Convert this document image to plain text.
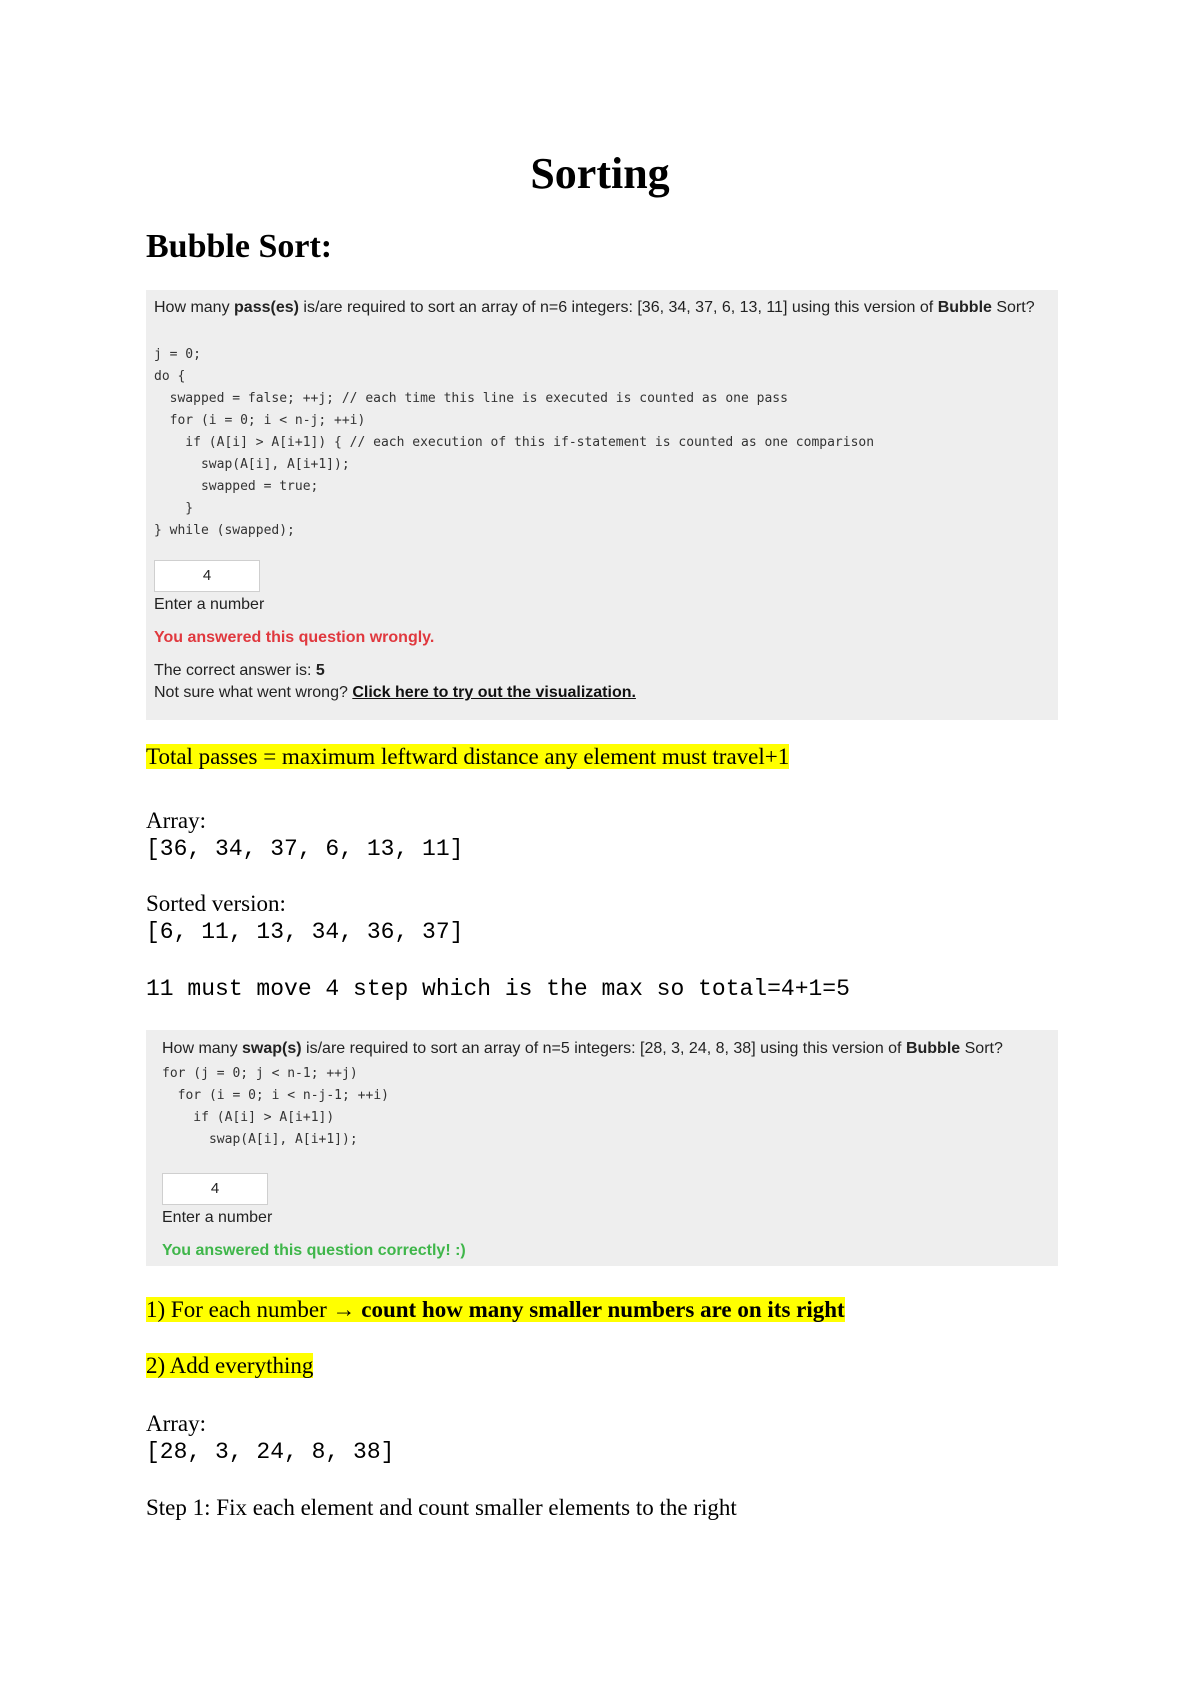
Sorting
Bubble Sort:
How many pass(es) is/are required to sort an array of n=6 integers: [36, 34, 37, 6, 13, 11] using this version of Bubble Sort?
j = 0;
do {
swapped = false; ++j; // each time this line is executed is counted as one pass
for (i = 0; i < n-j; ++i)
if (A[i] > A[i+1]) { // each execution of this if-statement is counted as one comparison
swap(A[i], A[i+1]);
swapped = true;
}
} while (swapped);
4
Enter a number
You answered this question wrongly.
The correct answer is: 5
Not sure what went wrong? Click here to try out the visualization.
Total passes = maximum leftward distance any element must travel+1
Array:
[36, 34, 37, 6, 13, 11]
Sorted version:
[6, 11, 13, 34, 36, 37]
11 must move 4 step which is the max so total=4+1=5
How many swap(s) is/are required to sort an array of n=5 integers: [28, 3, 24, 8, 38] using this version of Bubble Sort?
for (j = 0; j < n-1; ++j)
for (i = 0; i < n-j-1; ++i)
if (A[i] > A[i+1])
swap(A[i], A[i+1]);
4
Enter a number
You answered this question correctly! :)
1) For each number → count how many smaller numbers are on its right
2) Add everything
Array:
[28, 3, 24, 8, 38]
Step 1: Fix each element and count smaller elements to the right
